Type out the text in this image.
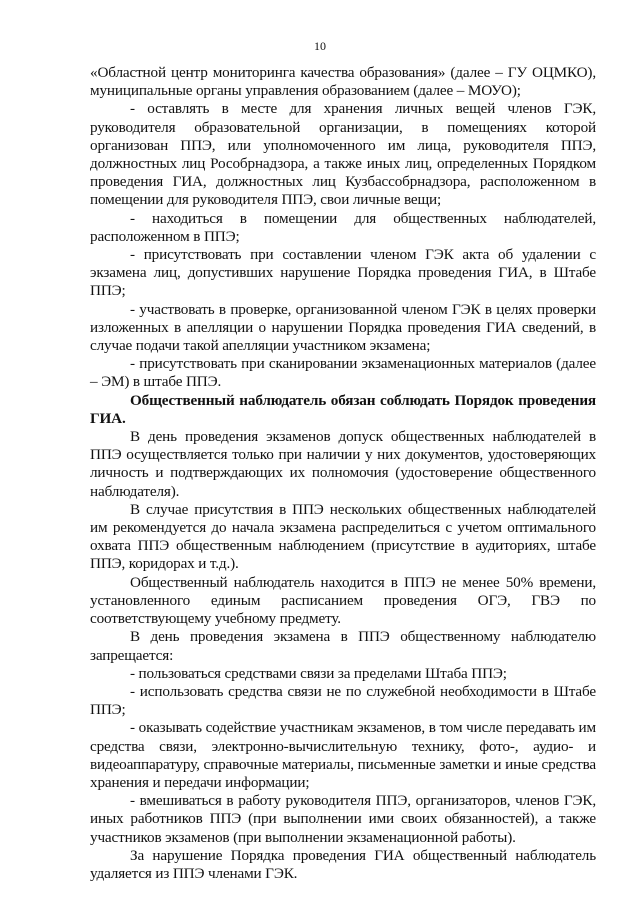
10

«Областной центр мониторинга качества образования» (далее – ГУ ОЦМКО), муниципальные органы управления образованием (далее – МОУО);

- оставлять в месте для хранения личных вещей членов ГЭК, руководителя образовательной организации, в помещениях которой организован ППЭ, или уполномоченного им лица, руководителя ППЭ, должностных лиц Рособрнадзора, а также иных лиц, определенных Порядком проведения ГИА, должностных лиц Кузбассобрнадзора, расположенном в помещении для руководителя ППЭ, свои личные вещи;

- находиться в помещении для общественных наблюдателей, расположенном в ППЭ;

- присутствовать при составлении членом ГЭК акта об удалении с экзамена лиц, допустивших нарушение Порядка проведения ГИА, в Штабе ППЭ;

- участвовать в проверке, организованной членом ГЭК в целях проверки изложенных в апелляции о нарушении Порядка проведения ГИА сведений, в случае подачи такой апелляции участником экзамена;

- присутствовать при сканировании экзаменационных материалов (далее – ЭМ) в штабе ППЭ.

Общественный наблюдатель обязан соблюдать Порядок проведения ГИА.

В день проведения экзаменов допуск общественных наблюдателей в ППЭ осуществляется только при наличии у них документов, удостоверяющих личность и подтверждающих их полномочия (удостоверение общественного наблюдателя).

В случае присутствия в ППЭ нескольких общественных наблюдателей им рекомендуется до начала экзамена распределиться с учетом оптимального охвата ППЭ общественным наблюдением (присутствие в аудиториях, штабе ППЭ, коридорах и т.д.).

Общественный наблюдатель находится в ППЭ не менее 50% времени, установленного единым расписанием проведения ОГЭ, ГВЭ по соответствующему учебному предмету.

В день проведения экзамена в ППЭ общественному наблюдателю запрещается:

- пользоваться средствами связи за пределами Штаба ППЭ;

- использовать средства связи не по служебной необходимости в Штабе ППЭ;

- оказывать содействие участникам экзаменов, в том числе передавать им средства связи, электронно-вычислительную технику, фото-, аудио- и видеоаппаратуру, справочные материалы, письменные заметки и иные средства хранения и передачи информации;

- вмешиваться в работу руководителя ППЭ, организаторов, членов ГЭК, иных работников ППЭ (при выполнении ими своих обязанностей), а также участников экзаменов (при выполнении экзаменационной работы).

За нарушение Порядка проведения ГИА общественный наблюдатель удаляется из ППЭ членами ГЭК.
